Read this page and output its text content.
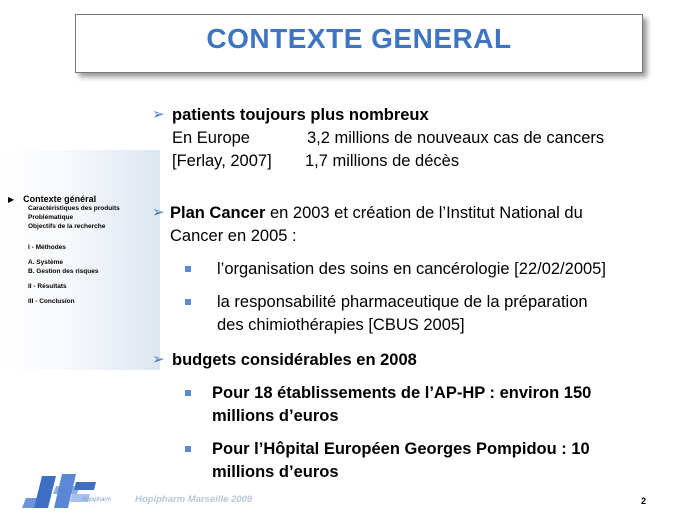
CONTEXTE GENERAL
▶ Contexte général
Caractéristiques des produits
Problématique
Objectifs de la recherche
I - Méthodes
A. Système
B. Gestion des risques
II - Résultats
III - Conclusion
➢ patients toujours plus nombreux
En Europe	3,2 millions de nouveaux cas de cancers
[Ferlay, 2007] 1,7 millions de décès
➢ Plan Cancer en 2003 et création de l’Institut National du
Cancer en 2005 :
l’organisation des soins en cancérologie [22/02/2005]
la responsabilité pharmaceutique de la préparation
des chimiothérapies [CBUS 2005]
➢ budgets considérables en 2008
Pour 18 établissements de l’AP-HP : environ 150
millions d’euros
Pour l’Hôpital Européen Georges Pompidou : 10
millions d’euros
Hopipharm Hopipharm Marseille 2009	2
